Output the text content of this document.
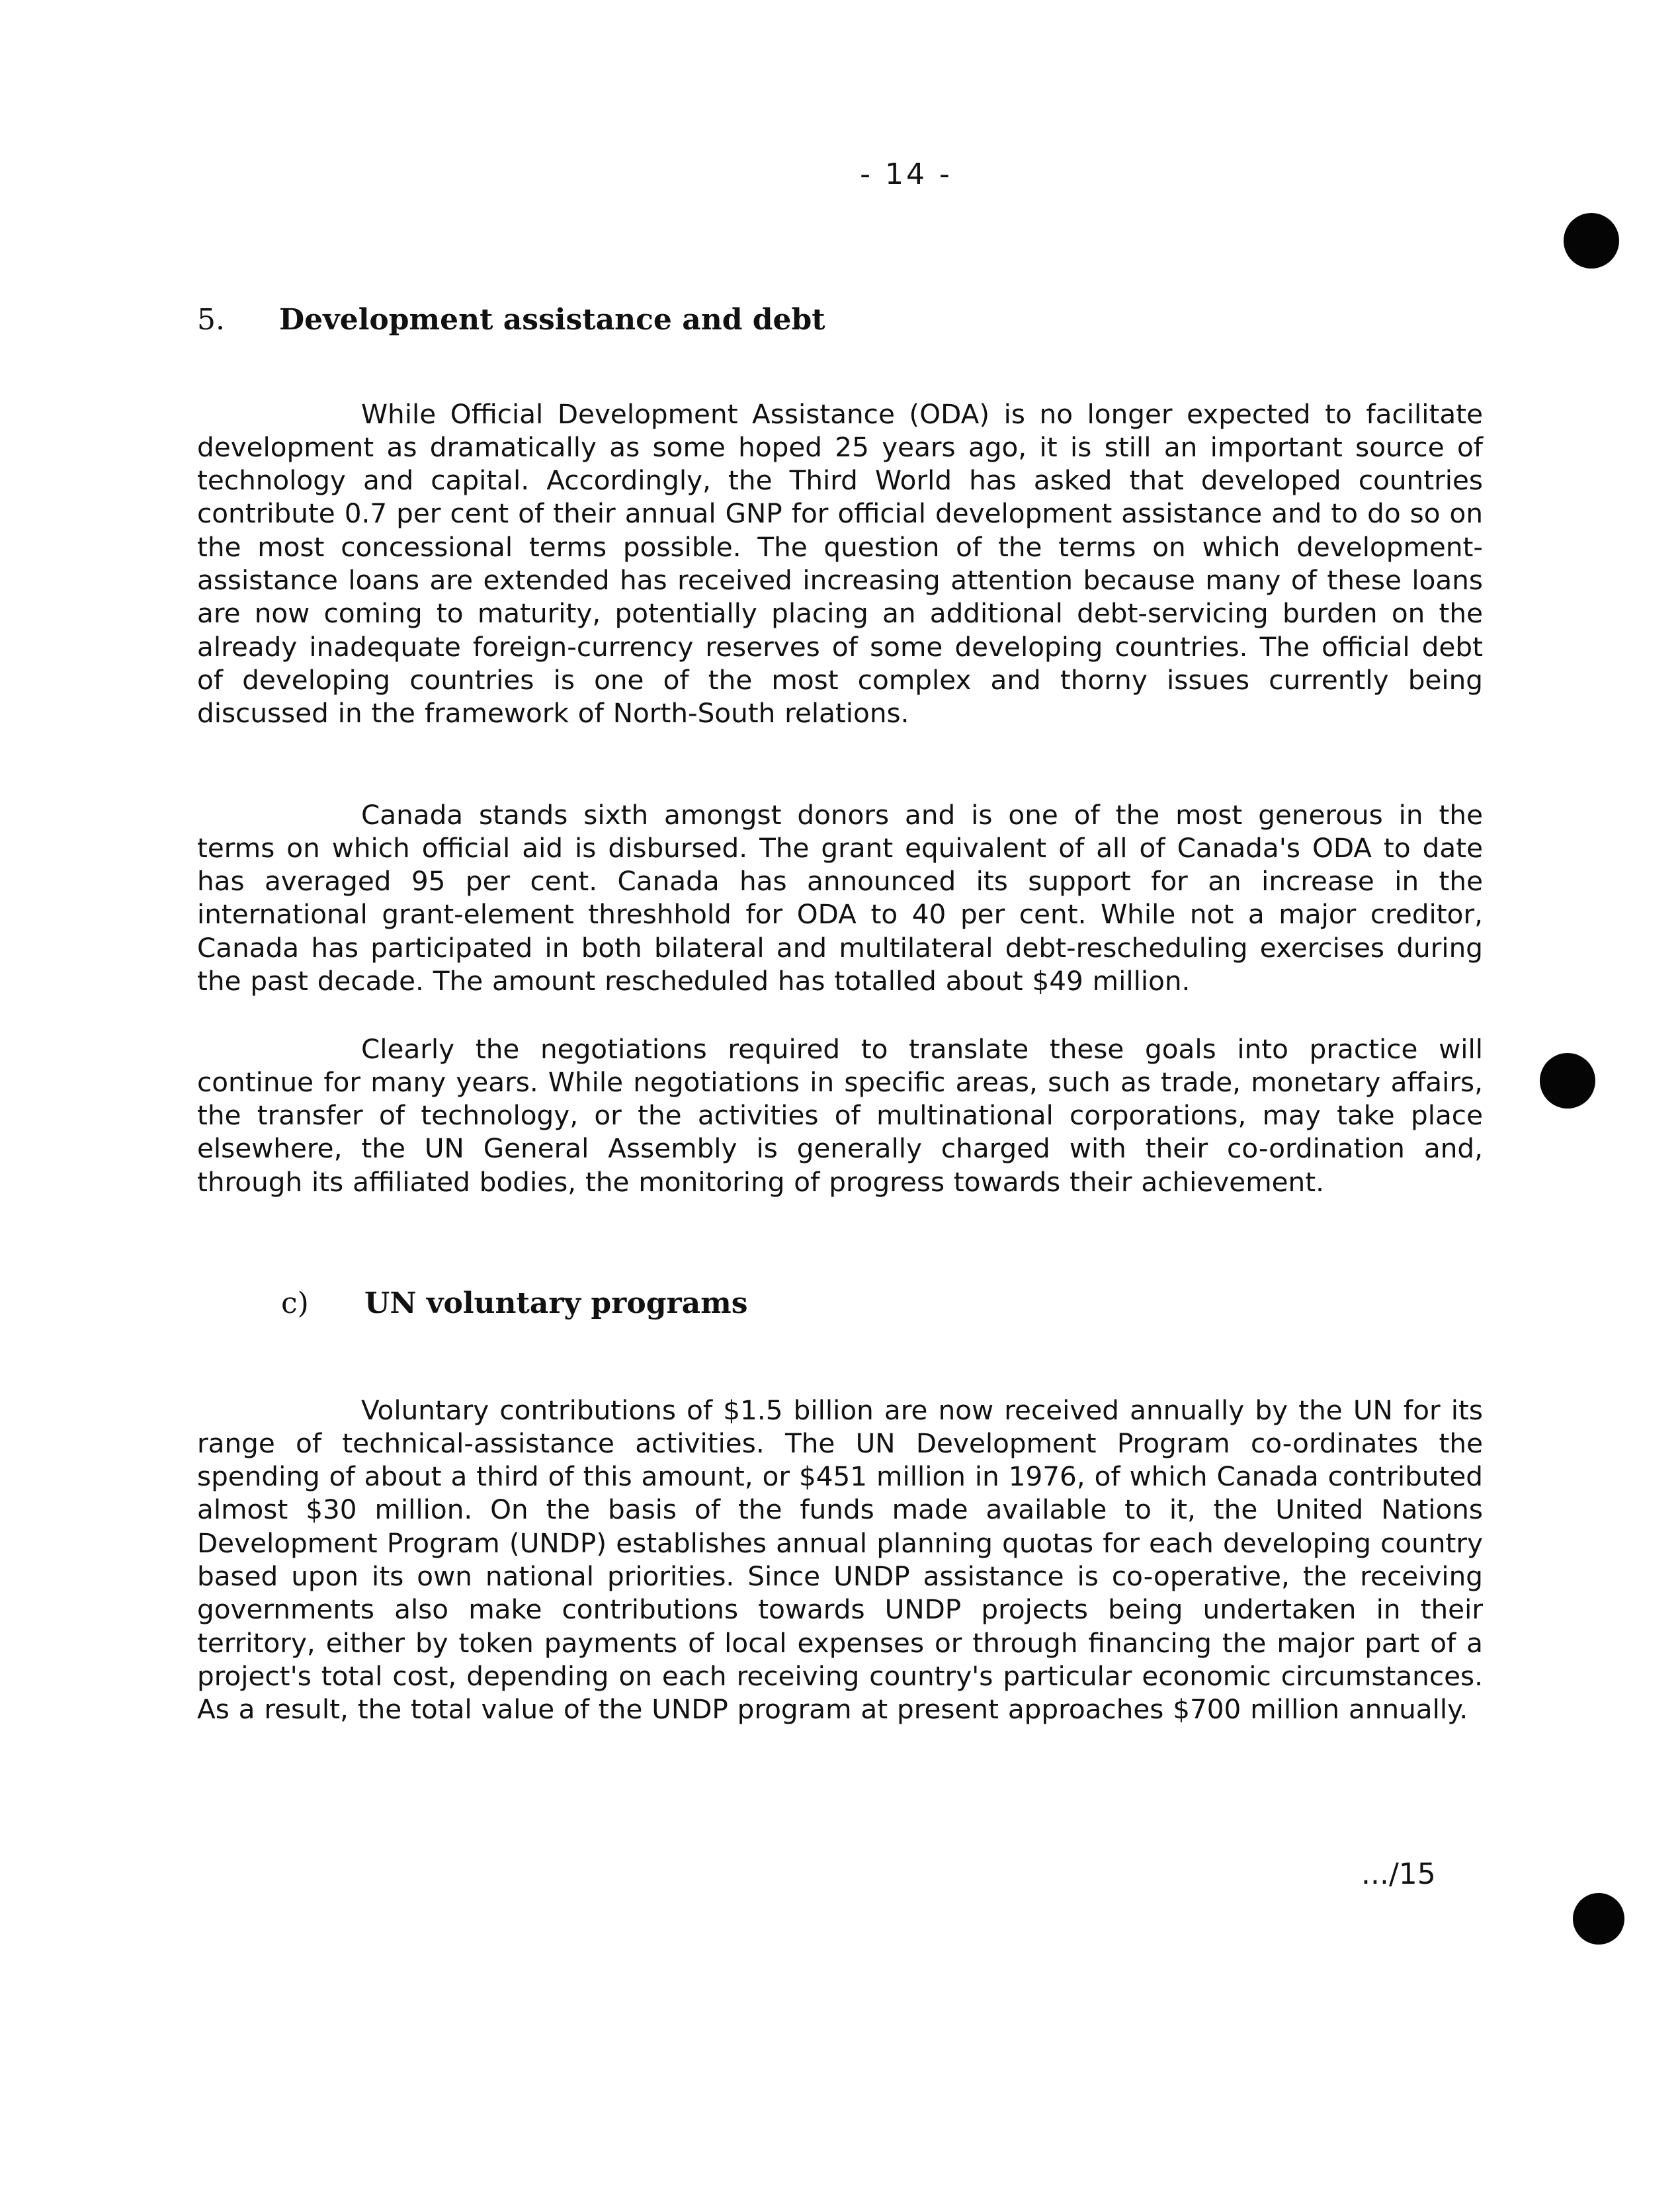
- 14 -
5. Development assistance and debt

While Official Development Assistance (ODA) is no longer expected to facilitate development as dramatically as some hoped 25 years ago, it is still an important source of technology and capital. Accordingly, the Third World has asked that developed countries contribute 0.7 per cent of their annual GNP for official development assistance and to do so on the most concessional terms possible. The question of the terms on which development-assistance loans are extended has received increasing attention because many of these loans are now coming to maturity, potentially placing an additional debt-servicing burden on the already inadequate foreign-currency reserves of some developing countries. The official debt of developing countries is one of the most complex and thorny issues currently being discussed in the framework of North-South relations.

Canada stands sixth amongst donors and is one of the most generous in the terms on which official aid is disbursed. The grant equivalent of all of Canada's ODA to date has averaged 95 per cent. Canada has announced its support for an increase in the international grant-element threshhold for ODA to 40 per cent. While not a major creditor, Canada has participated in both bilateral and multilateral debt-rescheduling exercises during the past decade. The amount rescheduled has totalled about $49 million.

Clearly the negotiations required to translate these goals into practice will continue for many years. While negotiations in specific areas, such as trade, monetary affairs, the transfer of technology, or the activities of multinational corporations, may take place elsewhere, the UN General Assembly is generally charged with their co-ordination and, through its affiliated bodies, the monitoring of progress towards their achievement.

c) UN voluntary programs

Voluntary contributions of $1.5 billion are now received annually by the UN for its range of technical-assistance activities. The UN Development Program co-ordinates the spending of about a third of this amount, or $451 million in 1976, of which Canada contributed almost $30 million. On the basis of the funds made available to it, the United Nations Development Program (UNDP) establishes annual planning quotas for each developing country based upon its own national priorities. Since UNDP assistance is co-operative, the receiving governments also make contributions towards UNDP projects being undertaken in their territory, either by token payments of local expenses or through financing the major part of a project's total cost, depending on each receiving country's particular economic circumstances. As a result, the total value of the UNDP program at present approaches $700 million annually.

.../15
